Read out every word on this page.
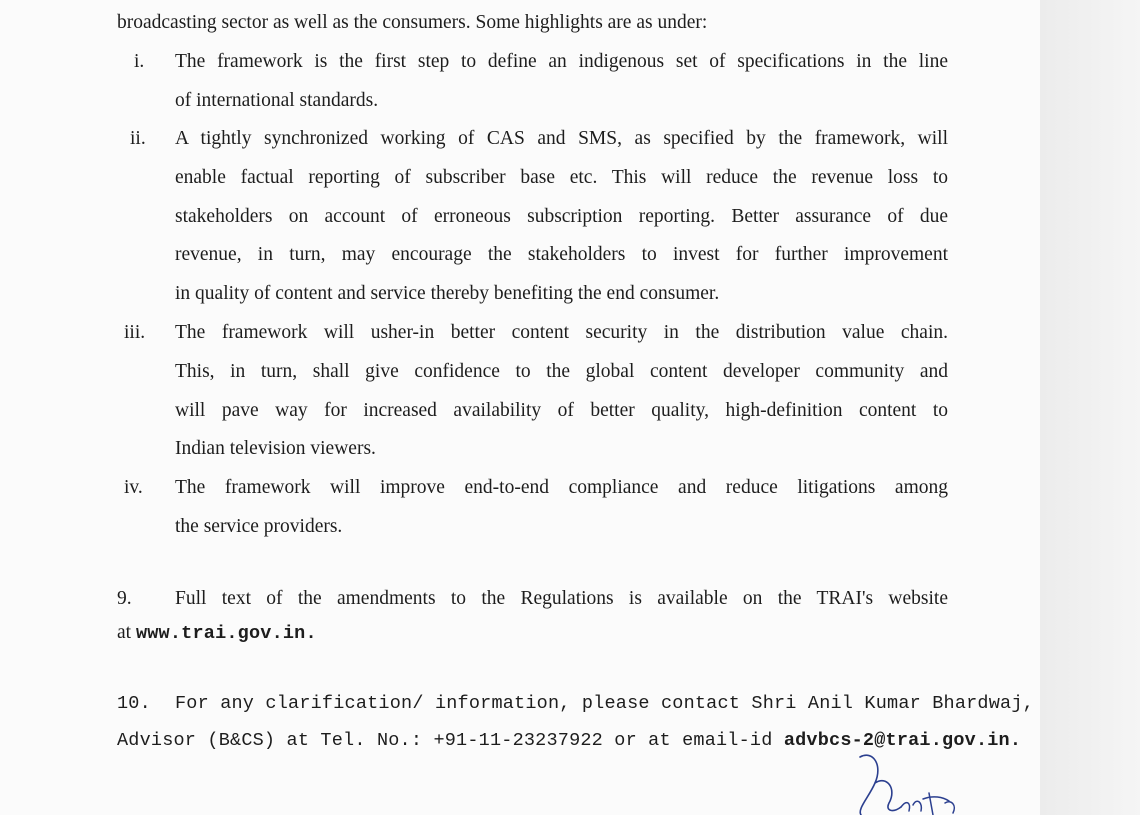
broadcasting sector as well as the consumers. Some highlights are as under:
i. The framework is the first step to define an indigenous set of specifications in the line
of international standards.
ii. A tightly synchronized working of CAS and SMS, as specified by the framework, will
enable factual reporting of subscriber base etc. This will reduce the revenue loss to
stakeholders on account of erroneous subscription reporting. Better assurance of due
revenue, in turn, may encourage the stakeholders to invest for further improvement
in quality of content and service thereby benefiting the end consumer.
iii. The framework will usher-in better content security in the distribution value chain.
This, in turn, shall give confidence to the global content developer community and
will pave way for increased availability of better quality, high-definition content to
Indian television viewers.
iv. The framework will improve end-to-end compliance and reduce litigations among
the service providers.
9. Full text of the amendments to the Regulations is available on the TRAI's website
at www.trai.gov.in.
10. For any clarification/ information, please contact Shri Anil Kumar Bhardwaj,
Advisor (B&CS) at Tel. No.: +91-11-23237922 or at email-id advbcs-2@trai.gov.in.
